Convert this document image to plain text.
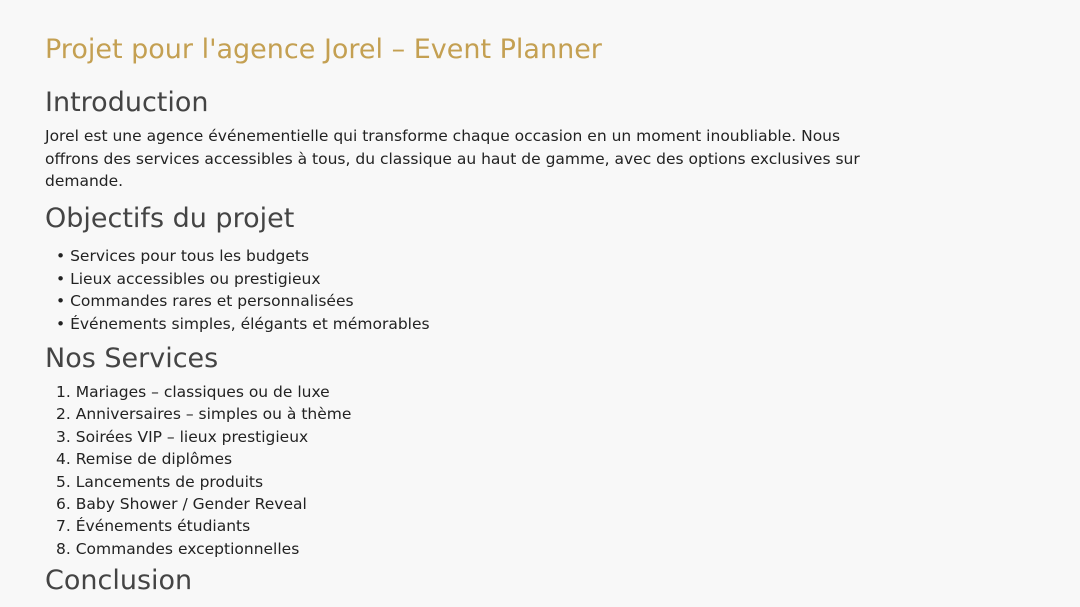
Projet pour l'agence Jorel – Event Planner
Introduction

Jorel est une agence événementielle qui transforme chaque occasion en un moment inoubliable. Nous offrons des services accessibles à tous, du classique au haut de gamme, avec des options exclusives sur demande.

Objectifs du projet
• Services pour tous les budgets
• Lieux accessibles ou prestigieux
• Commandes rares et personnalisées
• Événements simples, élégants et mémorables
Nos Services
1. Mariages – classiques ou de luxe
2. Anniversaires – simples ou à thème
3. Soirées VIP – lieux prestigieux
4. Remise de diplômes
5. Lancements de produits
6. Baby Shower / Gender Reveal
7. Événements étudiants
8. Commandes exceptionnelles
Conclusion
